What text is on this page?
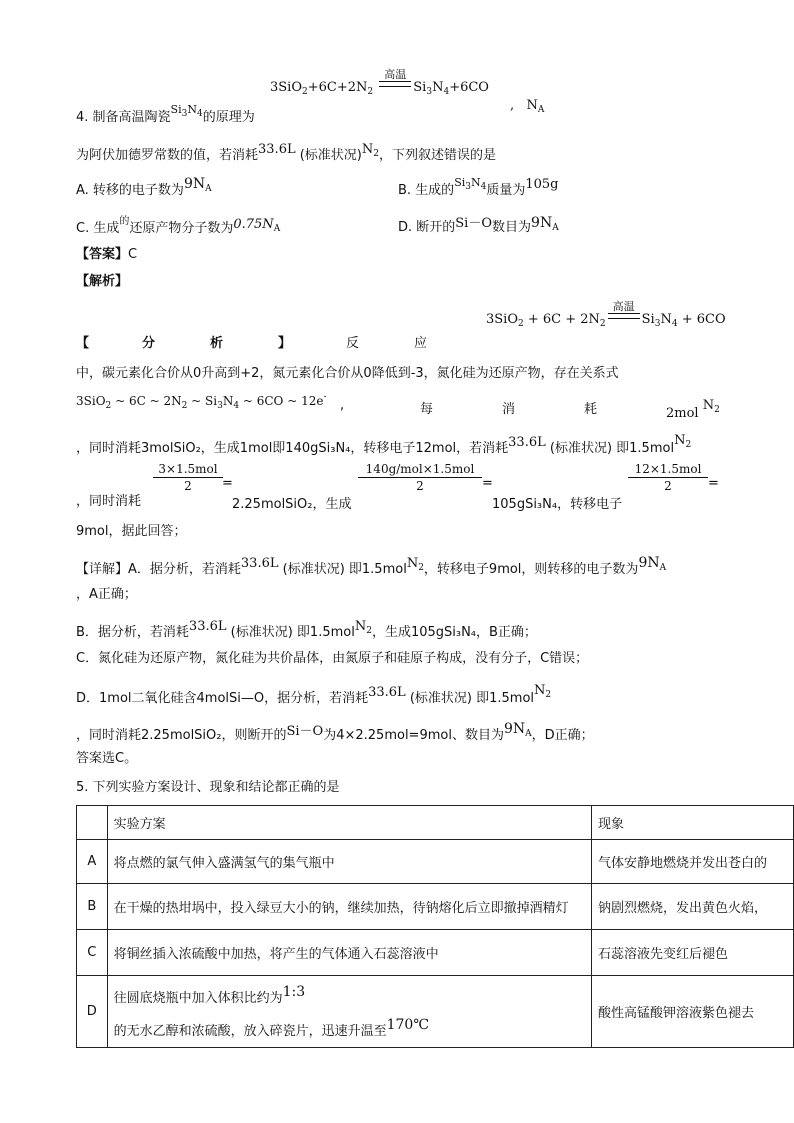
$3SiO_2+6C+2N_2$
高温
$Si_3N_4+6CO$
4. 制备高温陶瓷$^{Si_3N_4}$的原理为
,   $N_A$
为阿伏加德罗常数的值，若消耗33.6L (标准状况)$N_2$，下列叙述错误的是
A. 转移的电子数为$9N_A$	B. 生成的$^{Si_3N_4}$质量为105g
C. 生成$^的$还原产物分子数为$0.75N_A$	D. 断开的Si－O数目为$9N_A$
【答案】C
【解析】
$3SiO_2 + 6C + 2N_2$
高温
$Si_3N_4 + 6CO$
【	分	析	】	反	应
中，碳元素化合价从0升高到+2，氮元素化合价从0降低到-3，氮化硅为还原产物，存在关系式
3SiO$_2$ ~ 6C ~ $2N_2$ ~ $Si_3N_4$ ~ 6CO ~ 12e-
,	每	消	耗	2mol $N_2$
，同时消耗3molSiO₂，生成1mol即140gSi₃N₄，转移电子12mol，若消耗33.6L (标准状况) 即1.5molN$_2$
，同时消耗
3×1.5mol
2	=
2.25molSiO₂，生成
140g/mol×1.5mol
2	=
105gSi₃N₄，转移电子
12×1.5mol
2	=
9mol，据此回答；
【详解】A．据分析，若消耗33.6L (标准状况) 即1.5molN$_2$，转移电子9mol，则转移的电子数为$9N_A$
，A正确；
B．据分析，若消耗33.6L (标准状况) 即1.5molN$_2$，生成105gSi₃N₄，B正确；
C．氮化硅为还原产物，氮化硅为共价晶体，由氮原子和硅原子构成，没有分子，C错误；
D．1mol二氧化硅含4molSi—O，据分析，若消耗33.6L (标准状况) 即1.5molN$_2$
，同时消耗2.25molSiO₂，则断开的Si－O为4×2.25mol=9mol、数目为$9N_A$，D正确；
答案选C。
5. 下列实验方案设计、现象和结论都正确的是
	实验方案	现象
A	将点燃的氯气伸入盛满氢气的集气瓶中	气体安静地燃烧并发出苍白的
B	在干燥的热坩埚中，投入绿豆大小的钠，继续加热，待钠熔化后立即撤掉酒精灯	钠剧烈燃烧，发出黄色火焰，
C	将铜丝插入浓硫酸中加热，将产生的气体通入石蕊溶液中	石蕊溶液先变红后褪色
D	往圆底烧瓶中加入体积比约为1:3
的无水乙醇和浓硫酸，放入碎瓷片，迅速升温至170℃	酸性高锰酸钾溶液紫色褪去
